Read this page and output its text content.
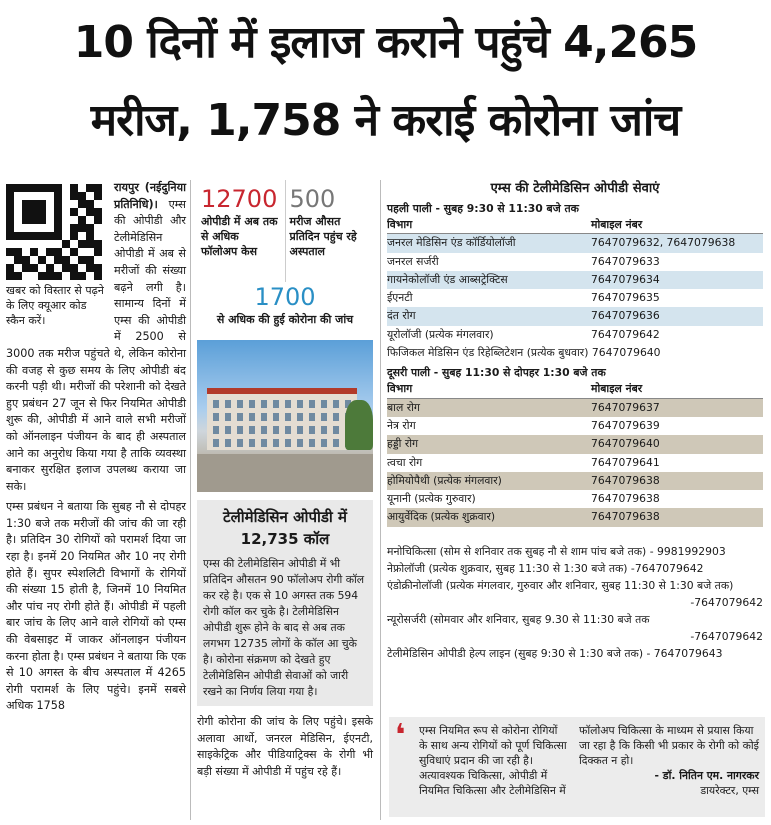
10 दिनों में इलाज कराने पहुंचे 4,265
मरीज, 1,758 ने कराई कोरोना जांच
खबर को विस्तार से पढ़ने के लिए क्यूआर कोड स्कैन करें।

रायपुर (नईदुनिया प्रतिनिधि)। एम्स की ओपीडी और टेलीमेडिसिन ओपीडी में अब से मरीजों की संख्या बढ़ने लगी है। सामान्य दिनों में एम्स की ओपीडी में 2500 से 3000 तक मरीज पहुंचते थे, लेकिन कोरोना की वजह से कुछ समय के लिए ओपीडी बंद करनी पड़ी थी। मरीजों की परेशानी को देखते हुए प्रबंधन 27 जून से फिर नियमित ओपीडी शुरू की, ओपीडी में आने वाले सभी मरीजों को ऑनलाइन पंजीयन के बाद ही अस्पताल आने का अनुरोध किया गया है ताकि व्यवस्था बनाकर सुरक्षित इलाज उपलब्ध कराया जा सके।

एम्स प्रबंधन ने बताया कि सुबह नौ से दोपहर 1:30 बजे तक मरीजों की जांच की जा रही है। प्रतिदिन 30 रोगियों को परामर्श दिया जा रहा है। इनमें 20 नियमित और 10 नए रोगी होते हैं। सुपर स्पेशलिटी विभागों के रोगियों की संख्या 15 होती है, जिनमें 10 नियमित और पांच नए रोगी होते हैं। ओपीडी में पहली बार जांच के लिए आने वाले रोगियों को एम्स की वेबसाइट में जाकर ऑनलाइन पंजीयन करना होता है। एम्स प्रबंधन ने बताया कि एक से 10 अगस्त के बीच अस्पताल में 4265 रोगी परामर्श के लिए पहुंचे। इनमें सबसे अधिक 1758

12700
ओपीडी में अब तक से अधिक फॉलोअप केस
500
मरीज औसत प्रतिदिन पहुंच रहे अस्पताल
1700
से अधिक की हुई कोरोना की जांच
टेलीमेडिसिन ओपीडी में 12,735 कॉल
एम्स की टेलीमेडिसिन ओपीडी में भी प्रतिदिन औसतन 90 फॉलोअप रोगी कॉल कर रहे है। एक से 10 अगस्त तक 594 रोगी कॉल कर चुके है। टेलीमेडिसिन ओपीडी शुरू होने के बाद से अब तक लगभग 12735 लोगों के कॉल आ चुके है। कोरोना संक्रमण को देखते हुए टेलीमेडिसिन ओपीडी सेवाओं को जारी रखने का निर्णय लिया गया है।
रोगी कोरोना की जांच के लिए पहुंचे। इसके अलावा आर्थो, जनरल मेडिसिन, ईएनटी, साइकेट्रिक और पीडियाट्रिक्स के रोगी भी बड़ी संख्या में ओपीडी में पहुंच रहे हैं।
एम्स की टेलीमेडिसिन ओपीडी सेवाएं
पहली पाली - सुबह 9:30 से 11:30 बजे तक
विभाग	मोबाइल नंबर
जनरल मेडिसिन एंड कॉर्डियोलॉजी	7647079632, 7647079638
जनरल सर्जरी	7647079633
गायनेकोलॉजी एंड आब्सट्रेक्टिस	7647079634
ईएनटी	7647079635
दंत रोग	7647079636
यूरोलॉजी (प्रत्येक मंगलवार)	7647079642
फिजिकल मेडिसिन एंड रिहेब्लिटेशन (प्रत्येक बुधवार) 7647079640
दूसरी पाली - सुबह 11:30 से दोपहर 1:30 बजे तक
विभाग	मोबाइल नंबर
बाल रोग	7647079637
नेत्र रोग	7647079639
हड्डी रोग	7647079640
त्वचा रोग	7647079641
होमियोपैथी (प्रत्येक मंगलवार)	7647079638
यूनानी (प्रत्येक गुरुवार)	7647079638
आयुर्वेदिक (प्रत्येक शुक्रवार)	7647079638
मनोचिकित्सा (सोम से शनिवार तक सुबह नौ से शाम पांच बजे तक) - 9981992903
नेफ्रोलॉजी (प्रत्येक शुक्रवार, सुबह 11:30 से 1:30 बजे तक) -7647079642
एंडोक्रीनोलॉजी (प्रत्येक मंगलवार, गुरुवार और शनिवार, सुबह 11:30 से 1:30 बजे तक)
-7647079642
न्यूरोसर्जरी (सोमवार और शनिवार, सुबह 9.30 से 11:30 बजे तक
-7647079642
टेलीमेडिसिन ओपीडी हेल्प लाइन (सुबह 9:30 से 1:30 बजे तक) - 7647079643
❛	एम्स नियमित रूप से कोरोना रोगियों के साथ अन्य रोगियों को पूर्ण चिकित्सा सुविधाएं प्रदान की जा रही है। अत्यावश्यक चिकित्सा, ओपीडी में नियमित चिकित्सा और टेलीमेडिसिन में
फॉलोअप चिकित्सा के माध्यम से प्रयास किया जा रहा है कि किसी भी प्रकार के रोगी को कोई दिक्कत न हो।
- डॉ. नितिन एम. नागरकर
डायरेक्टर, एम्स
